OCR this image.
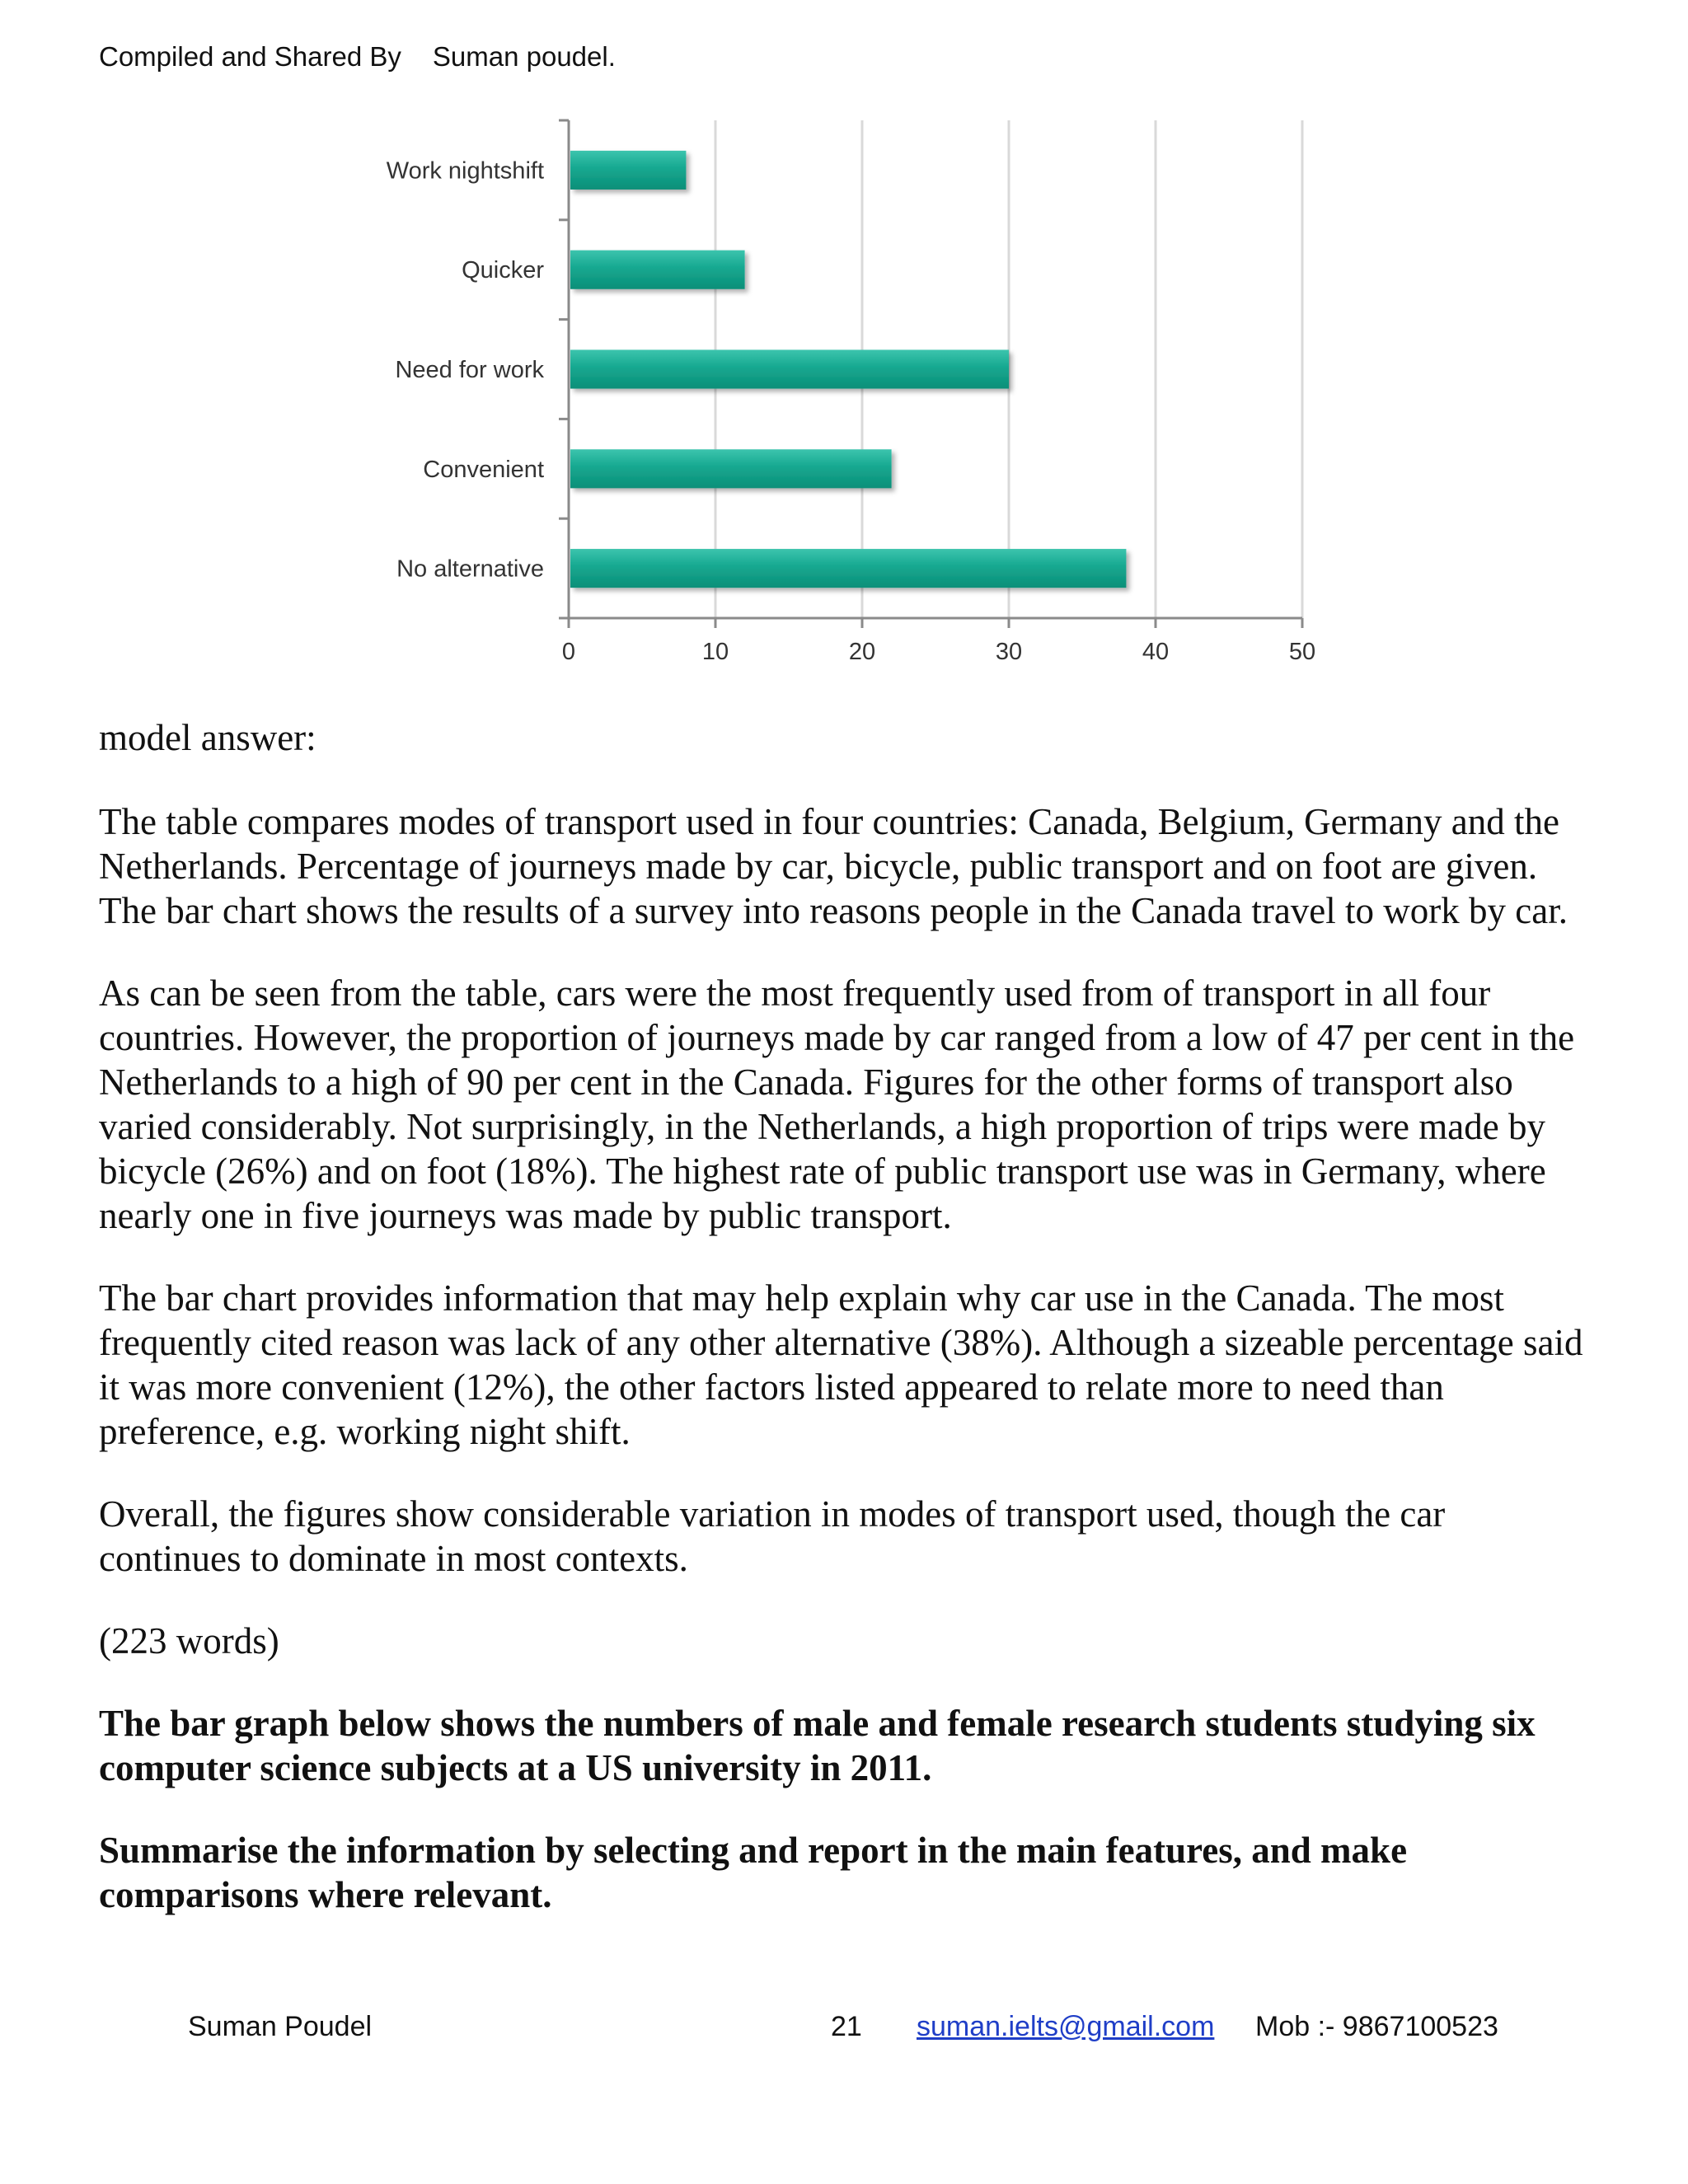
Compiled and Shared By Suman poudel.
0	10	20	30	40	50
Work nightshift
Quicker
Need for work
Convenient
No alternative

model answer:

The table compares modes of transport used in four countries: Canada, Belgium, Germany and the Netherlands. Percentage of journeys made by car, bicycle, public transport and on foot are given. The bar chart shows the results of a survey into reasons people in the Canada travel to work by car.

As can be seen from the table, cars were the most frequently used from of transport in all four countries. However, the proportion of journeys made by car ranged from a low of 47 per cent in the Netherlands to a high of 90 per cent in the Canada. Figures for the other forms of transport also varied considerably. Not surprisingly, in the Netherlands, a high proportion of trips were made by bicycle (26%) and on foot (18%). The highest rate of public transport use was in Germany, where nearly one in five journeys was made by public transport.

The bar chart provides information that may help explain why car use in the Canada. The most frequently cited reason was lack of any other alternative (38%). Although a sizeable percentage said it was more convenient (12%), the other factors listed appeared to relate more to need than preference, e.g. working night shift.

Overall, the figures show considerable variation in modes of transport used, though the car continues to dominate in most contexts.

(223 words)

The bar graph below shows the numbers of male and female research students studying six computer science subjects at a US university in 2011.

Summarise the information by selecting and report in the main features, and make comparisons where relevant.

Suman Poudel	21 suman.ielts@gmail.com Mob :- 9867100523
